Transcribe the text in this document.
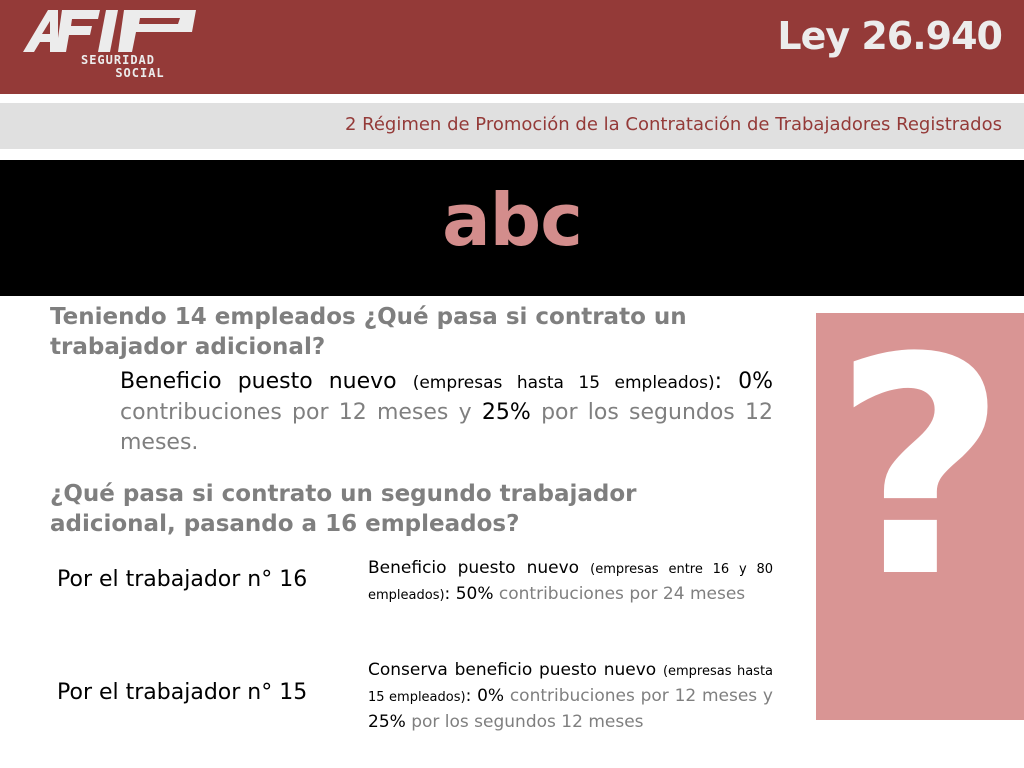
SEGURIDAD
SOCIAL
Ley 26.940
2 Régimen de Promoción de la Contratación de Trabajadores Registrados
abc
?
Teniendo 14 empleados ¿Qué pasa si contrato un trabajador adicional?
Beneficio puesto nuevo (empresas hasta 15 empleados): 0% contribuciones por 12 meses y 25% por los segundos 12 meses.
¿Qué pasa si contrato un segundo trabajador adicional, pasando a 16 empleados?
Por el trabajador n° 16	Beneficio puesto nuevo (empresas entre 16 y 80 empleados): 50% contribuciones por 24 meses
Por el trabajador n° 15
Conserva beneficio puesto nuevo (empresas hasta 15 empleados): 0% contribuciones por 12 meses y 25% por los segundos 12 meses
